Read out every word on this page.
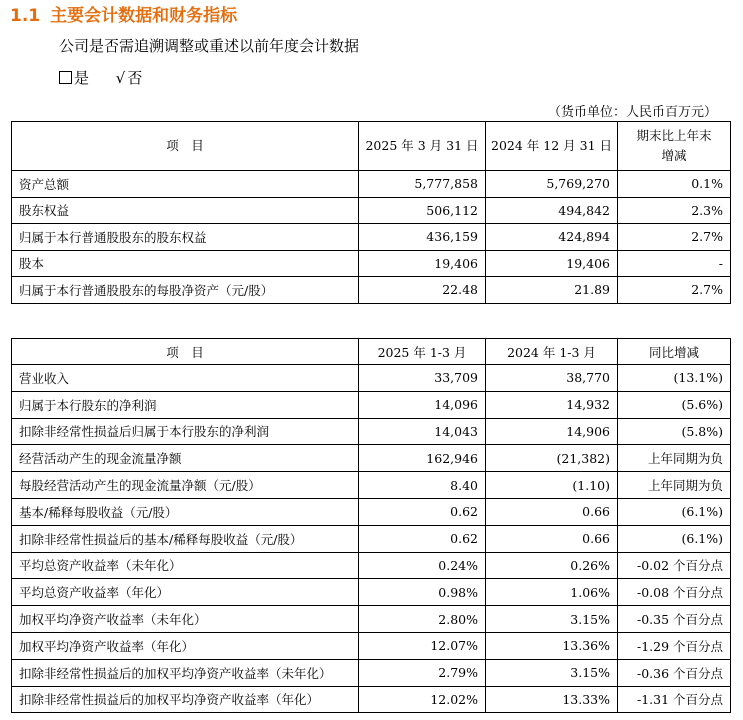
1.1 主要会计数据和财务指标
公司是否需追溯调整或重述以前年度会计数据
是 √ 否
（货币单位：人民币百万元）
项　目	2025 年 3 月 31 日	2024 年 12 月 31 日	期末比上年末
增减
资产总额	5,777,858	5,769,270	0.1%
股东权益	506,112	494,842	2.3%
归属于本行普通股股东的股东权益	436,159	424,894	2.7%
股本	19,406	19,406	-
归属于本行普通股股东的每股净资产（元/股）	22.48	21.89	2.7%
项　目	2025 年 1-3 月	2024 年 1-3 月	同比增减
营业收入	33,709	38,770	(13.1%)
归属于本行股东的净利润	14,096	14,932	(5.6%)
扣除非经常性损益后归属于本行股东的净利润	14,043	14,906	(5.8%)
经营活动产生的现金流量净额	162,946	(21,382)	上年同期为负
每股经营活动产生的现金流量净额（元/股）	8.40	(1.10)	上年同期为负
基本/稀释每股收益（元/股）	0.62	0.66	(6.1%)
扣除非经常性损益后的基本/稀释每股收益（元/股）	0.62	0.66	(6.1%)
平均总资产收益率（未年化）	0.24%	0.26%	-0.02 个百分点
平均总资产收益率（年化）	0.98%	1.06%	-0.08 个百分点
加权平均净资产收益率（未年化）	2.80%	3.15%	-0.35 个百分点
加权平均净资产收益率（年化）	12.07%	13.36%	-1.29 个百分点
扣除非经常性损益后的加权平均净资产收益率（未年化）	2.79%	3.15%	-0.36 个百分点
扣除非经常性损益后的加权平均净资产收益率（年化）	12.02%	13.33%	-1.31 个百分点
